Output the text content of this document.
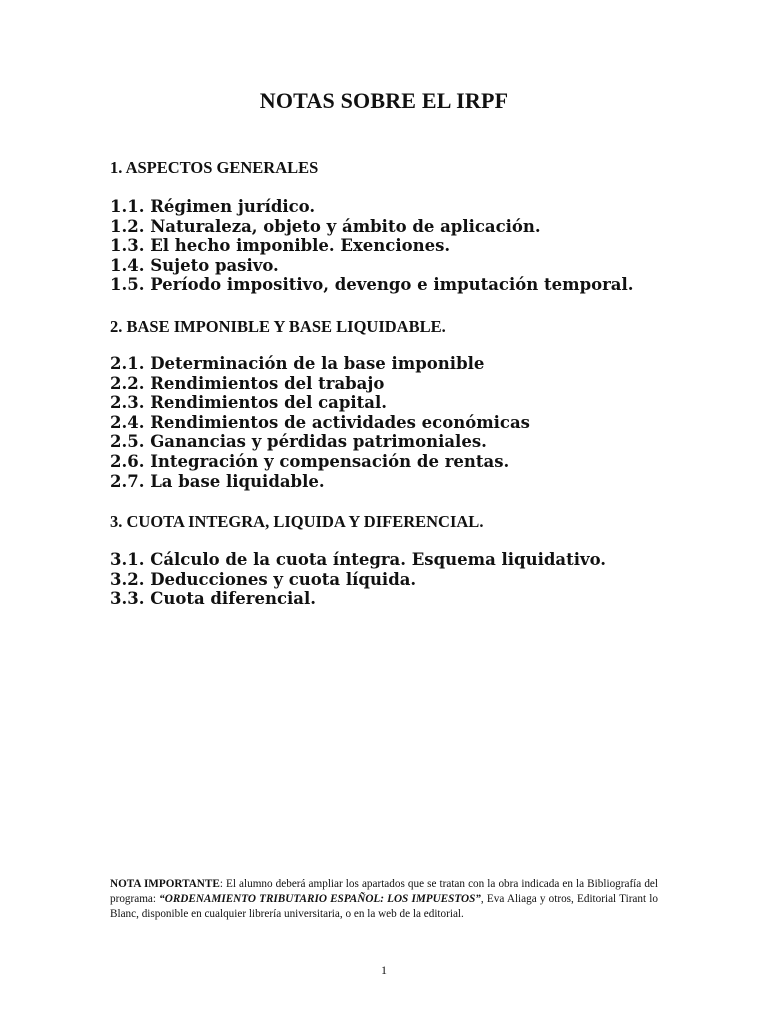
NOTAS SOBRE EL IRPF
1. ASPECTOS GENERALES
1.1. Régimen jurídico.
1.2. Naturaleza, objeto y ámbito de aplicación.
1.3. El hecho imponible. Exenciones.
1.4. Sujeto pasivo.
1.5. Período impositivo, devengo e imputación temporal.
2. BASE IMPONIBLE Y BASE LIQUIDABLE.
2.1. Determinación de la base imponible
2.2. Rendimientos del trabajo
2.3. Rendimientos del capital.
2.4. Rendimientos de actividades económicas
2.5. Ganancias y pérdidas patrimoniales.
2.6. Integración y compensación de rentas.
2.7. La base liquidable.
3. CUOTA INTEGRA, LIQUIDA Y DIFERENCIAL.
3.1. Cálculo de la cuota íntegra. Esquema liquidativo.
3.2. Deducciones y cuota líquida.
3.3. Cuota diferencial.
NOTA IMPORTANTE: El alumno deberá ampliar los apartados que se tratan con la obra indicada en la Bibliografía del programa: “ORDENAMIENTO TRIBUTARIO ESPAÑOL: LOS IMPUESTOS”, Eva Aliaga y otros, Editorial Tirant lo Blanc, disponible en cualquier librería universitaria, o en la web de la editorial.
1
